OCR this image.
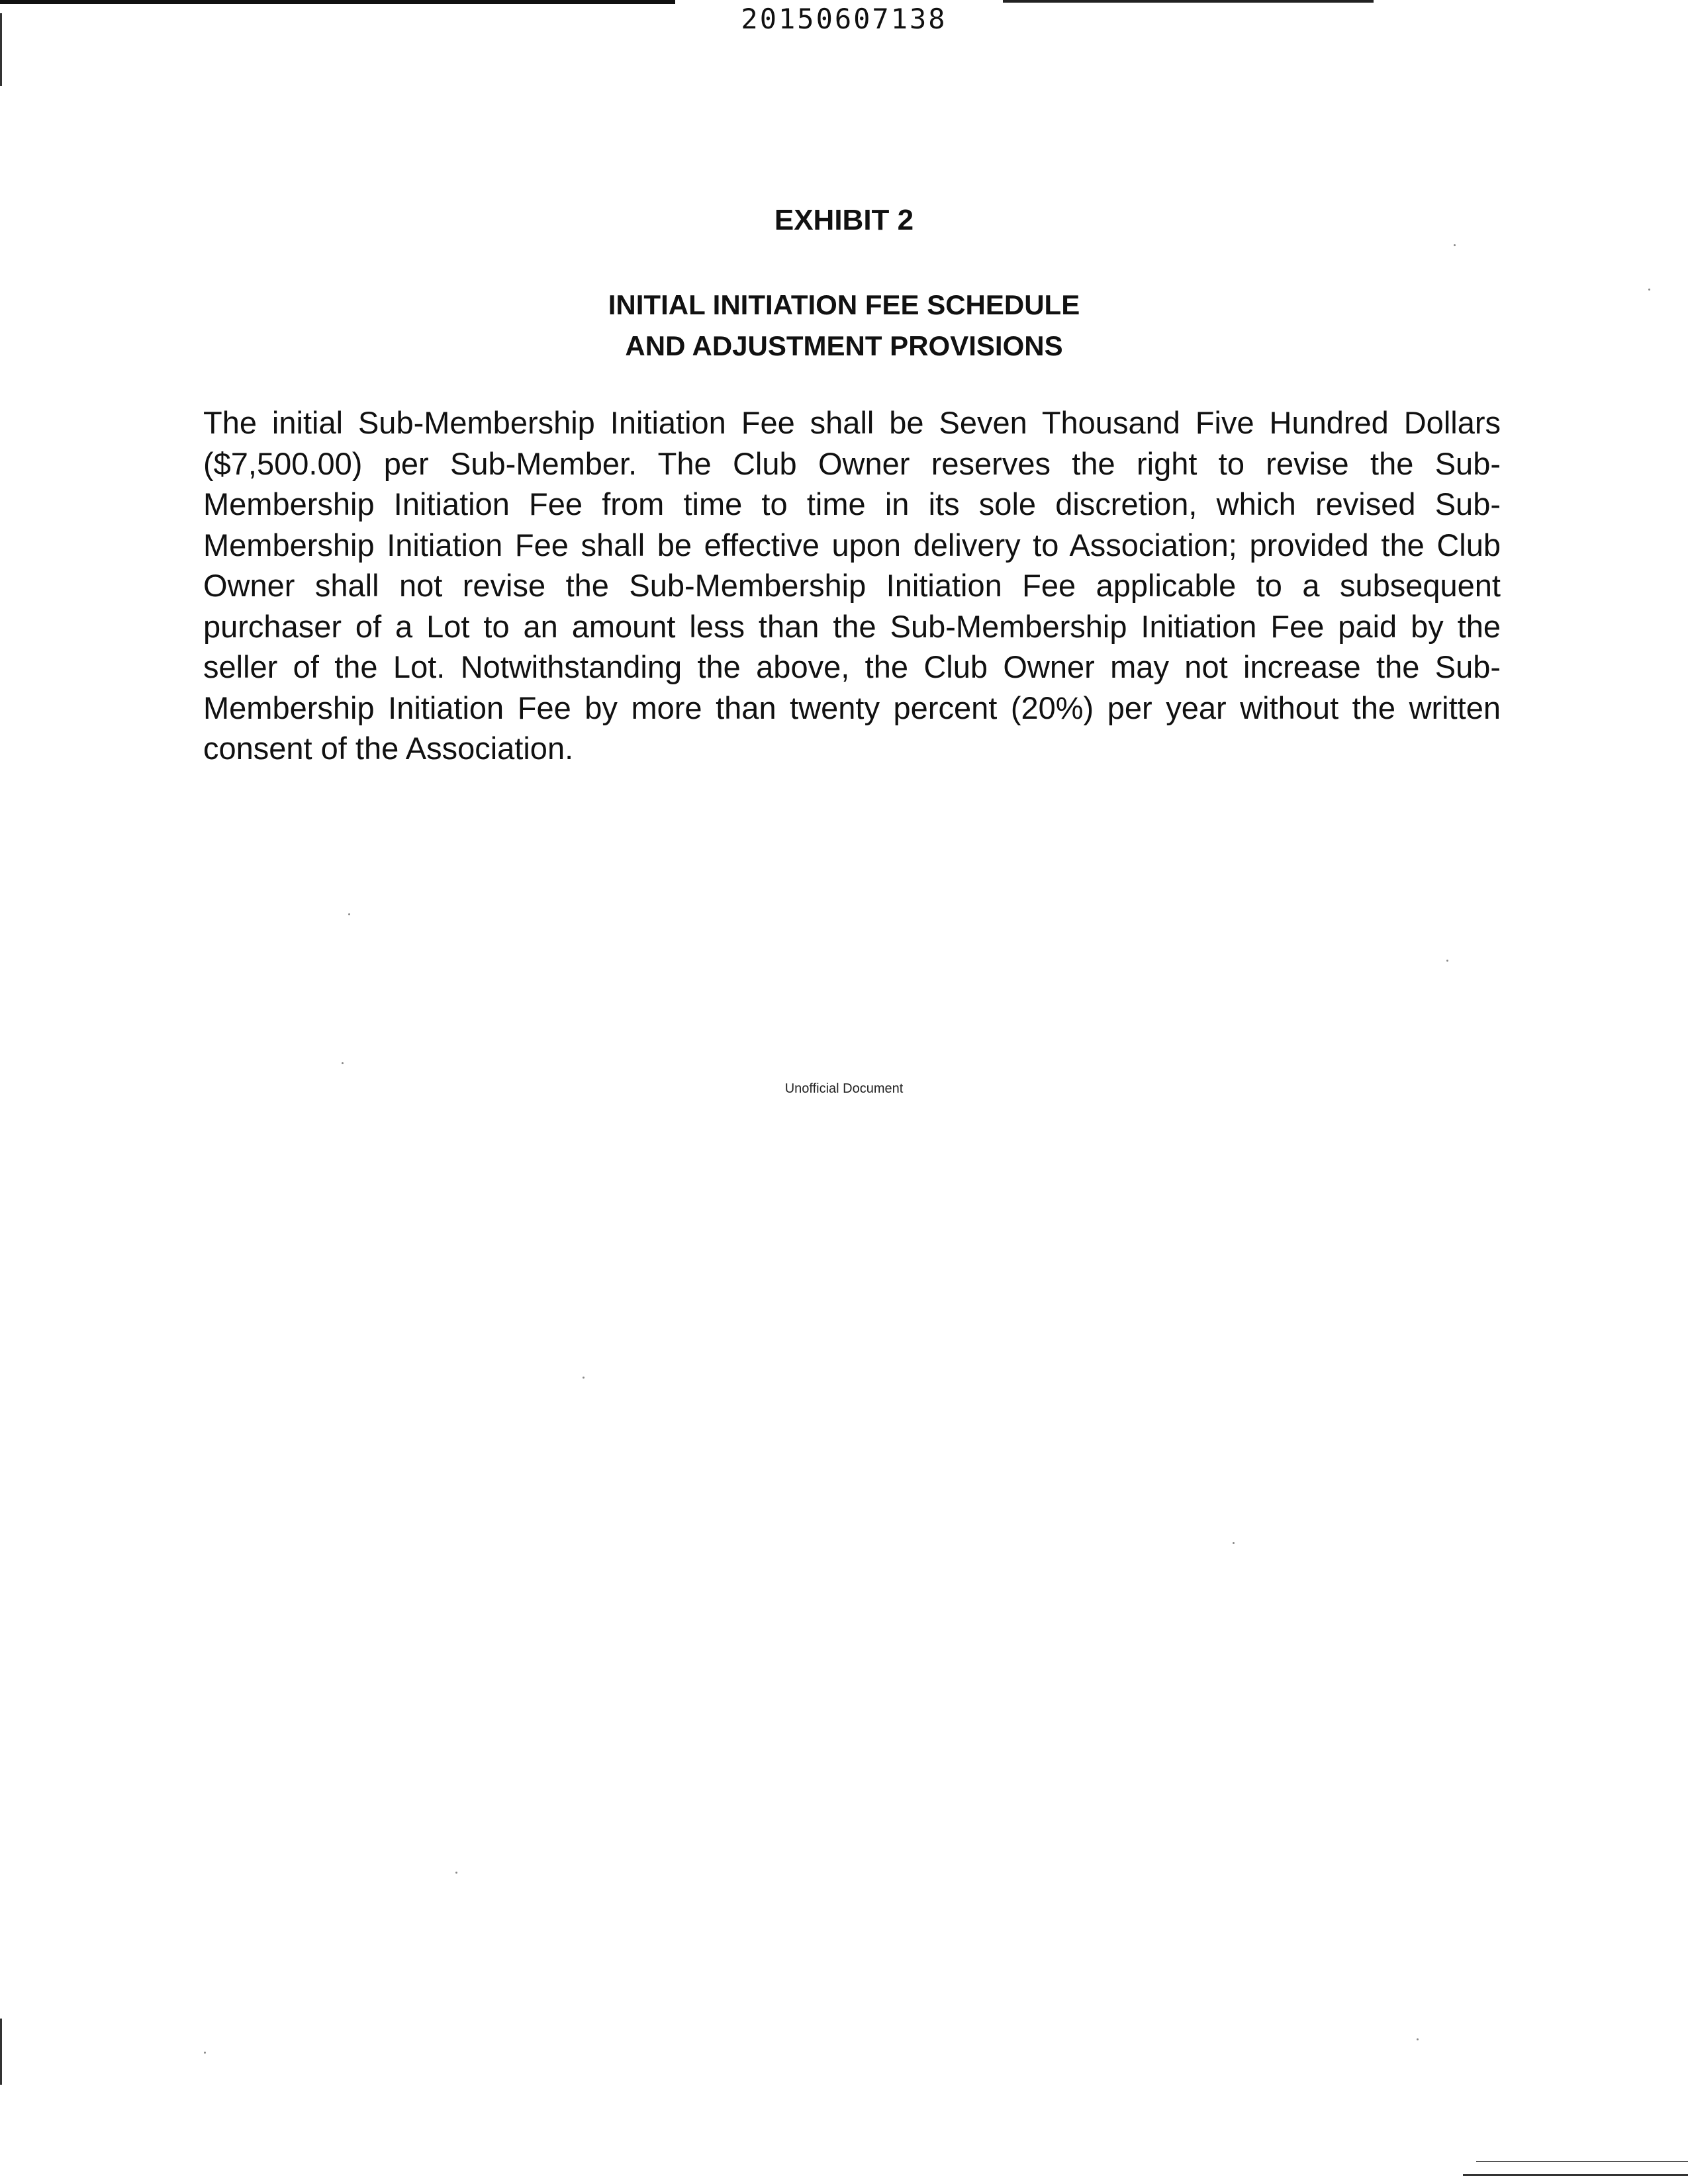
20150607138
EXHIBIT 2
INITIAL INITIATION FEE SCHEDULE
AND ADJUSTMENT PROVISIONS
The initial Sub-Membership Initiation Fee shall be Seven Thousand Five Hundred Dollars ($7,500.00) per Sub-Member. The Club Owner reserves the right to revise the Sub-Membership Initiation Fee from time to time in its sole discretion, which revised Sub-Membership Initiation Fee shall be effective upon delivery to Association; provided the Club Owner shall not revise the Sub-Membership Initiation Fee applicable to a subsequent purchaser of a Lot to an amount less than the Sub-Membership Initiation Fee paid by the seller of the Lot. Notwithstanding the above, the Club Owner may not increase the Sub-Membership Initiation Fee by more than twenty percent (20%) per year without the written consent of the Association.
Unofficial Document
